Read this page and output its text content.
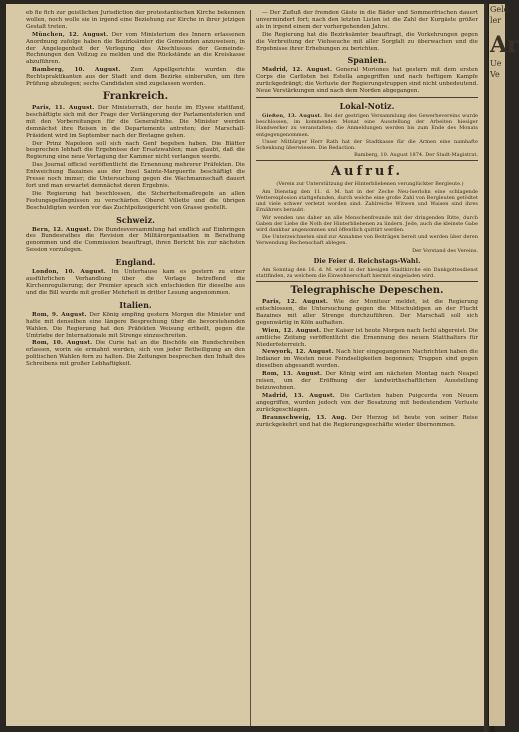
eb fie fich zur geistlichen Jurisdiction der protestantischen Kirche bekennen wollen, noch wolle sie in irgend eine Beziehung zur Kirche in ihrer jetzigen Gestalt treten.

München, 12. August. Der vom Ministerium des Innern erlassenen Anordnung zufolge haben die Bezirksämter die Gemeinden anzuweisen, in der Angelegenheit der Verlegung des Abschlusses der Gemeinde-Rechnungen den Vollzug zu melden und die Rückstände an die Kreiskasse abzuführen.

Bamberg, 10. August. Zum Appellgerichte wurden die Rechtspraktikanten aus der Stadt und dem Bezirke einberufen, um ihre Prüfung abzulegen; sechs Candidaten sind zugelassen worden.

Frankreich.

Paris, 11. August. Der Ministerrath, der heute im Elysee stattfand, beschäftigte sich mit der Frage der Verlängerung der Parlamentsferien und mit den Vorbereitungen für die Generalräthe. Die Minister werden demnächst ihre Reisen in die Departements antreten; der Marschall-Präsident wird im September nach der Bretagne gehen.

Der Prinz Napoleon soll sich nach Genf begeben haben. Die Blätter besprechen lebhaft die Ergebnisse der Ersatzwahlen; man glaubt, daß die Regierung eine neue Vertagung der Kammer nicht verlangen werde.

Das Journal officiel veröffentlicht die Ernennung mehrerer Präfekten. Die Entweichung Bazaines aus der Insel Sainte-Marguerite beschäftigt die Presse noch immer; die Untersuchung gegen die Wachmannschaft dauert fort und man erwartet demnächst deren Ergebnis.

Die Regierung hat beschlossen, die Sicherheitsmaßregeln an allen Festungsgefängnissen zu verschärfen. Oberst Villette und die übrigen Beschuldigten werden vor das Zuchtpolizeigericht von Grasse gestellt.

Schweiz.

Bern, 12. August. Die Bundesversammlung hat endlich auf Einbringen des Bundesrathes die Revision der Militärorganisation in Berathung genommen und die Commission beauftragt, ihren Bericht bis zur nächsten Session vorzulegen.

England.

London, 10. August. Im Unterhause kam es gestern zu einer ausführlichen Verhandlung über die Vorlage betreffend die Kirchenregulierung; der Premier sprach sich entschieden für dieselbe aus und die Bill wurde mit großer Mehrheit in dritter Lesung angenommen.

Italien.

Rom, 9. August. Der König empfing gestern Morgen die Minister und hatte mit denselben eine längere Besprechung über die bevorstehenden Wahlen. Die Regierung hat den Präfekten Weisung ertheilt, gegen die Umtriebe der Internationale mit Strenge einzuschreiten.

Rom, 10. August. Die Curie hat an die Bischöfe ein Rundschreiben erlassen, worin sie ermahnt werden, sich von jeder Betheiligung an den politischen Wahlen fern zu halten. Die Zeitungen besprechen den Inhalt des Schreibens mit großer Lebhaftigkeit.

— Der Zufluß der fremden Gäste in die Bäder und Sommerfrischen dauert unvermindert fort; nach den letzten Listen ist die Zahl der Kurgäste größer als in irgend einem der vorhergehenden Jahre.

Die Regierung hat die Bezirksämter beauftragt, die Vorkehrungen gegen die Verbreitung der Viehseuche mit aller Sorgfalt zu überwachen und die Ergebnisse ihrer Erhebungen zu berichten.

Spanien.

Madrid, 12. August. General Moriones hat gestern mit dem ersten Corps die Carlisten bei Estella angegriffen und nach heftigem Kampfe zurückgedrängt; die Verluste der Regierungstruppen sind nicht unbedeutend. Neue Verstärkungen sind nach dem Norden abgegangen.

Lokal-Notiz.

Gießen, 13. August. Bei der gestrigen Versammlung des Gewerbevereins wurde beschlossen, im kommenden Monat eine Ausstellung der Arbeiten hiesiger Handwerker zu veranstalten; die Anmeldungen werden bis zum Ende des Monats entgegengenommen.

Unser Mitbürger Herr Rath hat der Stadtkasse für die Armen eine namhafte Schenkung überwiesen. Die Redaction.

Bamberg, 10. August 1874. Der Stadt-Magistrat.

Aufruf.

(Verein zur Unterstützung der Hinterbliebenen verunglückter Bergleute.)

Am Dienstag den 11. d. M. hat in der Zeche Neu-Iserlohn eine schlagende Wetterexplosion stattgefunden, durch welche eine große Zahl von Bergleuten getödtet und viele schwer verletzt worden sind. Zahlreiche Witwen und Waisen sind ihres Ernährers beraubt.

Wir wenden uns daher an alle Menschenfreunde mit der dringenden Bitte, durch Gaben der Liebe die Noth der Hinterbliebenen zu lindern. Jede, auch die kleinste Gabe wird dankbar angenommen und öffentlich quittirt werden.

Die Unterzeichneten sind zur Annahme von Beiträgen bereit und werden über deren Verwendung Rechenschaft ablegen.

Der Vorstand des Vereins.

Die Feier d. Reichstags-Wahl.

Am Sonntag den 16. d. M. wird in der hiesigen Stadtkirche ein Dankgottesdienst stattfinden, zu welchem die Einwohnerschaft hiermit eingeladen wird.

Telegraphische Depeschen.

Paris, 12. August. Wie der Moniteur meldet, ist die Regierung entschlossen, die Untersuchung gegen die Mitschuldigen an der Flucht Bazaines mit aller Strenge durchzuführen. Der Marschall soll sich gegenwärtig in Köln aufhalten.

Wien, 12. August. Der Kaiser ist heute Morgen nach Ischl abgereist. Die amtliche Zeitung veröffentlicht die Ernennung des neuen Statthalters für Niederösterreich.

Newyork, 12. August. Nach hier eingegangenen Nachrichten haben die Indianer im Westen neue Feindseligkeiten begonnen; Truppen sind gegen dieselben abgesandt worden.

Rom, 13. August. Der König wird am nächsten Montag nach Neapel reisen, um der Eröffnung der landwirthschaftlichen Ausstellung beizuwohnen.

Madrid, 13. August. Die Carlisten haben Puigcerda von Neuem angegriffen, wurden jedoch von der Besatzung mit bedeutendem Verluste zurückgeschlagen.

Braunschweig, 13. Aug. Der Herzog ist heute von seiner Reise zurückgekehrt und hat die Regierungsgeschäfte wieder übernommen.

Geld
ler
Ar
Ue
Ve
